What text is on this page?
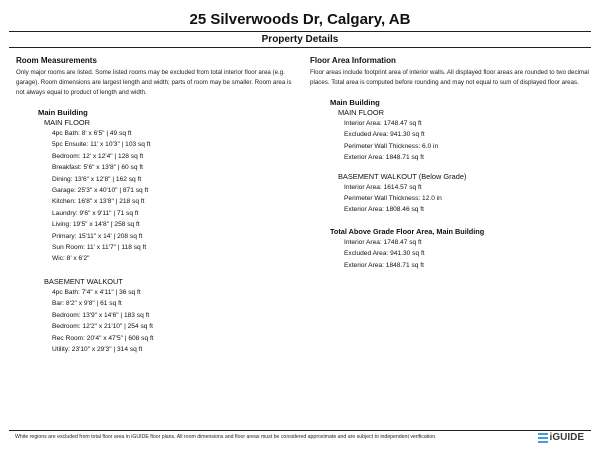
25 Silverwoods Dr, Calgary, AB
Property Details
Room Measurements
Only major rooms are listed. Some listed rooms may be excluded from total interior floor area (e.g. garage). Room dimensions are largest length and width; parts of room may be smaller. Room area is not always equal to product of length and width.
Main Building
MAIN FLOOR
4pc Bath: 8' x 6'5" | 49 sq ft
5pc Ensuite: 11' x 10'3" | 103 sq ft
Bedroom: 12' x 12'4" | 128 sq ft
Breakfast: 5'6" x 13'8" | 60 sq ft
Dining: 13'6" x 12'8" | 162 sq ft
Garage: 25'3" x 40'10" | 871 sq ft
Kitchen: 16'8" x 13'8" | 218 sq ft
Laundry: 9'6" x 9'11" | 71 sq ft
Living: 19'5" x 14'8" | 258 sq ft
Primary: 15'11" x 14' | 208 sq ft
Sun Room: 11' x 11'7" | 118 sq ft
Wic: 8' x 6'2"
BASEMENT WALKOUT
4pc Bath: 7'4" x 4'11" | 36 sq ft
Bar: 8'2" x 9'8" | 61 sq ft
Bedroom: 13'9" x 14'6" | 183 sq ft
Bedroom: 12'2" x 21'10" | 254 sq ft
Rec Room: 20'4" x 47'5" | 608 sq ft
Utility: 23'10" x 29'3" | 314 sq ft
Floor Area Information
Floor areas include footprint area of interior walls. All displayed floor areas are rounded to two decimal places. Total area is computed before rounding and may not equal to sum of displayed floor areas.
Main Building
MAIN FLOOR
Interior Area: 1748.47 sq ft
Excluded Area: 941.30 sq ft
Perimeter Wall Thickness: 6.0 in
Exterior Area: 1848.71 sq ft
BASEMENT WALKOUT (Below Grade)
Interior Area: 1614.57 sq ft
Perimeter Wall Thickness: 12.0 in
Exterior Area: 1808.46 sq ft
Total Above Grade Floor Area, Main Building
Interior Area: 1748.47 sq ft
Excluded Area: 941.30 sq ft
Exterior Area: 1848.71 sq ft
White regions are excluded from total floor area in iGUIDE floor plans. All room dimensions and floor areas must be considered approximate and are subject to independent verification.	iGUIDE
